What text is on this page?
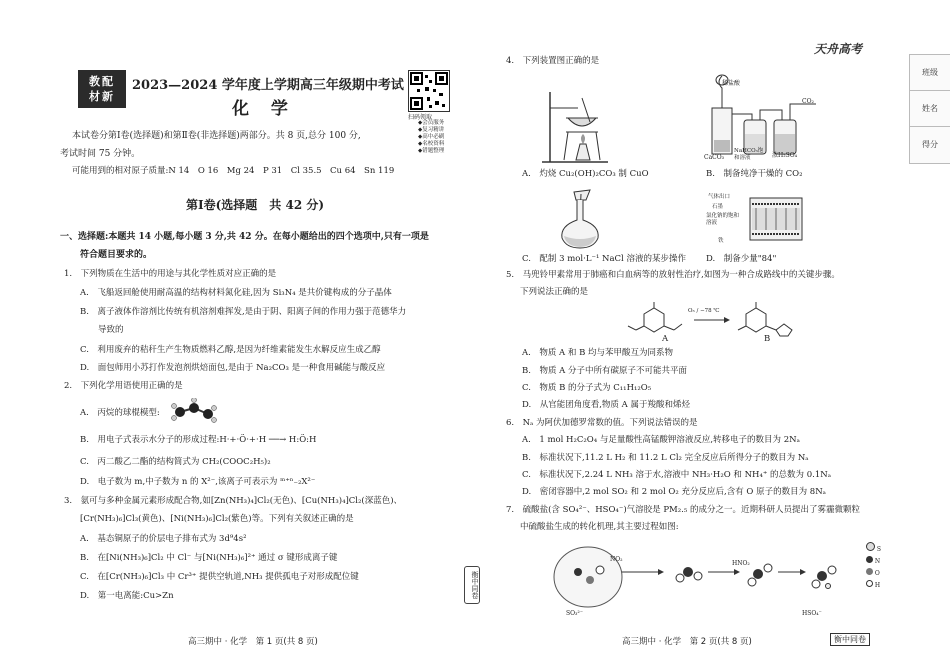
教配
材新
2023—2024 学年度上学期高三年级期中考试
化 学	扫码领取
◆会员服务
◆复习精讲
◆高中必刷
◆名校资料
◆错题整理
本试卷分第Ⅰ卷(选择题)和第Ⅱ卷(非选择题)两部分。共 8 页,总分 100 分,
考试时间 75 分钟。
可能用到的相对原子质量:N 14　O 16　Mg 24　P 31　Cl 35.5　Cu 64　Sn 119
第Ⅰ卷(选择题　共 42 分)
一、选择题:本题共 14 小题,每小题 3 分,共 42 分。在每小题给出的四个选项中,只有一项是
符合题目要求的。
1.　下列物质在生活中的用途与其化学性质对应正确的是
A.　飞船返回舱使用耐高温的结构材料氮化硅,因为 Si₃N₄ 是共价键构成的分子晶体
B.　离子液体作溶剂比传统有机溶剂难挥发,是由于阴、阳离子间的作用力强于范德华力
导致的
C.　利用废弃的秸秆生产生物质燃料乙醇,是因为纤维素能发生水解反应生成乙醇
D.　面包师用小苏打作发泡剂烘焙面包,是由于 Na₂CO₃ 是一种食用碱能与酸反应
2.　下列化学用语使用正确的是
A.　丙烷的球棍模型:
B.　用电子式表示水分子的形成过程:H·+·Ö·+·H ──→ H:Ö:H
C.　丙二酸乙二酯的结构简式为 CH₂(COOC₂H₅)₂
D.　电子数为 m,中子数为 n 的 X²⁻,该离子可表示为 ᵐ⁺ⁿ₋₂X²⁻
3.　氨可与多种金属元素形成配合物,如[Zn(NH₃)₄]Cl₂(无色)、[Cu(NH₃)₄]Cl₂(深蓝色)、
[Cr(NH₃)₆]Cl₃(黄色)、[Ni(NH₃)₆]Cl₂(紫色)等。下列有关叙述正确的是
A.　基态铜原子的价层电子排布式为 3d⁹4s²
B.　在[Ni(NH₃)₆]Cl₂ 中 Cl⁻ 与[Ni(NH₃)₆]²⁺ 通过 σ 键形成离子键
C.　在[Cr(NH₃)₆]Cl₃ 中 Cr³⁺ 提供空轨道,NH₃ 提供孤电子对形成配位键
D.　第一电离能:Cu>Zn
高三期中 · 化学　第 1 页(共 8 页)
衡中同卷
天舟高考
4.　下列装置图正确的是
A.　灼烧 Cu₂(OH)₂CO₃ 制 CuO
稀盐酸
CaCO₃
NaHCO₃饱和溶液	浓H₂SO₄
CO₂
B.　制备纯净干燥的 CO₂
C.　配制 3 mol·L⁻¹ NaCl 溶液的某步操作
气体出口
石墨
氯化钠的饱和溶液
铁
D.　制备少量"84"
5.　马兜铃甲素常用于肺癌和白血病等的放射性治疗,如图为一种合成路线中的关键步骤。
下列说法正确的是
O₃ / −78 ℃
A	B
A.　物质 A 和 B 均与苯甲酸互为同系物
B.　物质 A 分子中所有碳原子不可能共平面
C.　物质 B 的分子式为 C₁₁H₁₂O₅
D.　从官能团角度看,物质 A 属于羧酸和烯烃
6.　Nₐ 为阿伏加德罗常数的值。下列说法错误的是
A.　1 mol H₂C₂O₄ 与足量酸性高锰酸钾溶液反应,转移电子的数目为 2Nₐ
B.　标准状况下,11.2 L H₂ 和 11.2 L Cl₂ 完全反应后所得分子的数目为 Nₐ
C.　标准状况下,2.24 L NH₃ 溶于水,溶液中 NH₃·H₂O 和 NH₄⁺ 的总数为 0.1Nₐ
D.　密闭容器中,2 mol SO₂ 和 2 mol O₂ 充分反应后,含有 O 原子的数目为 8Nₐ
7.　硫酸盐(含 SO₄²⁻、HSO₄⁻)气溶胶是 PM₂.₅ 的成分之一。近期科研人员提出了雾霾微颗粒
中硫酸盐生成的转化机理,其主要过程如图:
SO₃²⁻
NO₂
HNO₂
HSO₄⁻
S
N
O
H
高三期中 · 化学　第 2 页(共 8 页)	衡中同卷
班级
姓名
得分
